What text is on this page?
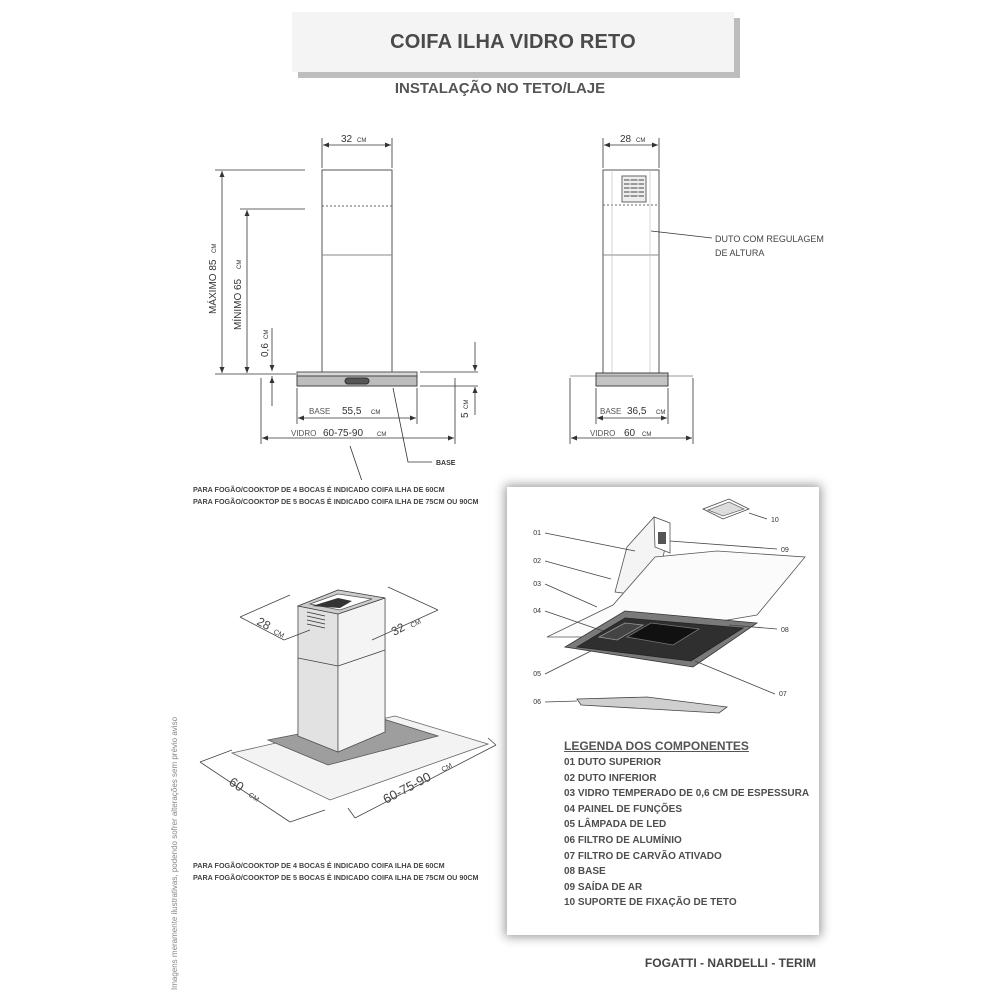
COIFA ILHA VIDRO RETO
INSTALAÇÃO NO TETO/LAJE
32 CM
MÁXIMO 85
CM
MÍNIMO 65
CM
0,6
CM
5
CM
BASE 55,5 CM
VIDRO 60-75-90 CM
BASE
28 CM
DUTO COM REGULAGEM
DE ALTURA
BASE 36,5 CM
VIDRO 60 CM
PARA FOGÃO/COOKTOP DE 4 BOCAS É INDICADO COIFA ILHA DE 60CM
PARA FOGÃO/COOKTOP DE 5 BOCAS É INDICADO COIFA ILHA DE 75CM OU 90CM
28
CM	32 CM
60
CM	60-75-90
CM
PARA FOGÃO/COOKTOP DE 4 BOCAS É INDICADO COIFA ILHA DE 60CM
PARA FOGÃO/COOKTOP DE 5 BOCAS É INDICADO COIFA ILHA DE 75CM OU 90CM
01
02
03
04
05
06
07
08
09
10
LEGENDA DOS COMPONENTES
01 DUTO SUPERIOR
02 DUTO INFERIOR
03 VIDRO TEMPERADO DE 0,6 CM DE ESPESSURA
04 PAINEL DE FUNÇÕES
05 LÂMPADA DE LED
06 FILTRO DE ALUMÍNIO
07 FILTRO DE CARVÃO ATIVADO
08 BASE
09 SAÍDA DE AR
10 SUPORTE DE FIXAÇÃO DE TETO
Imagens meramente ilustrativas, podendo sofrer alterações sem prévio aviso	FOGATTI - NARDELLI - TERIM
